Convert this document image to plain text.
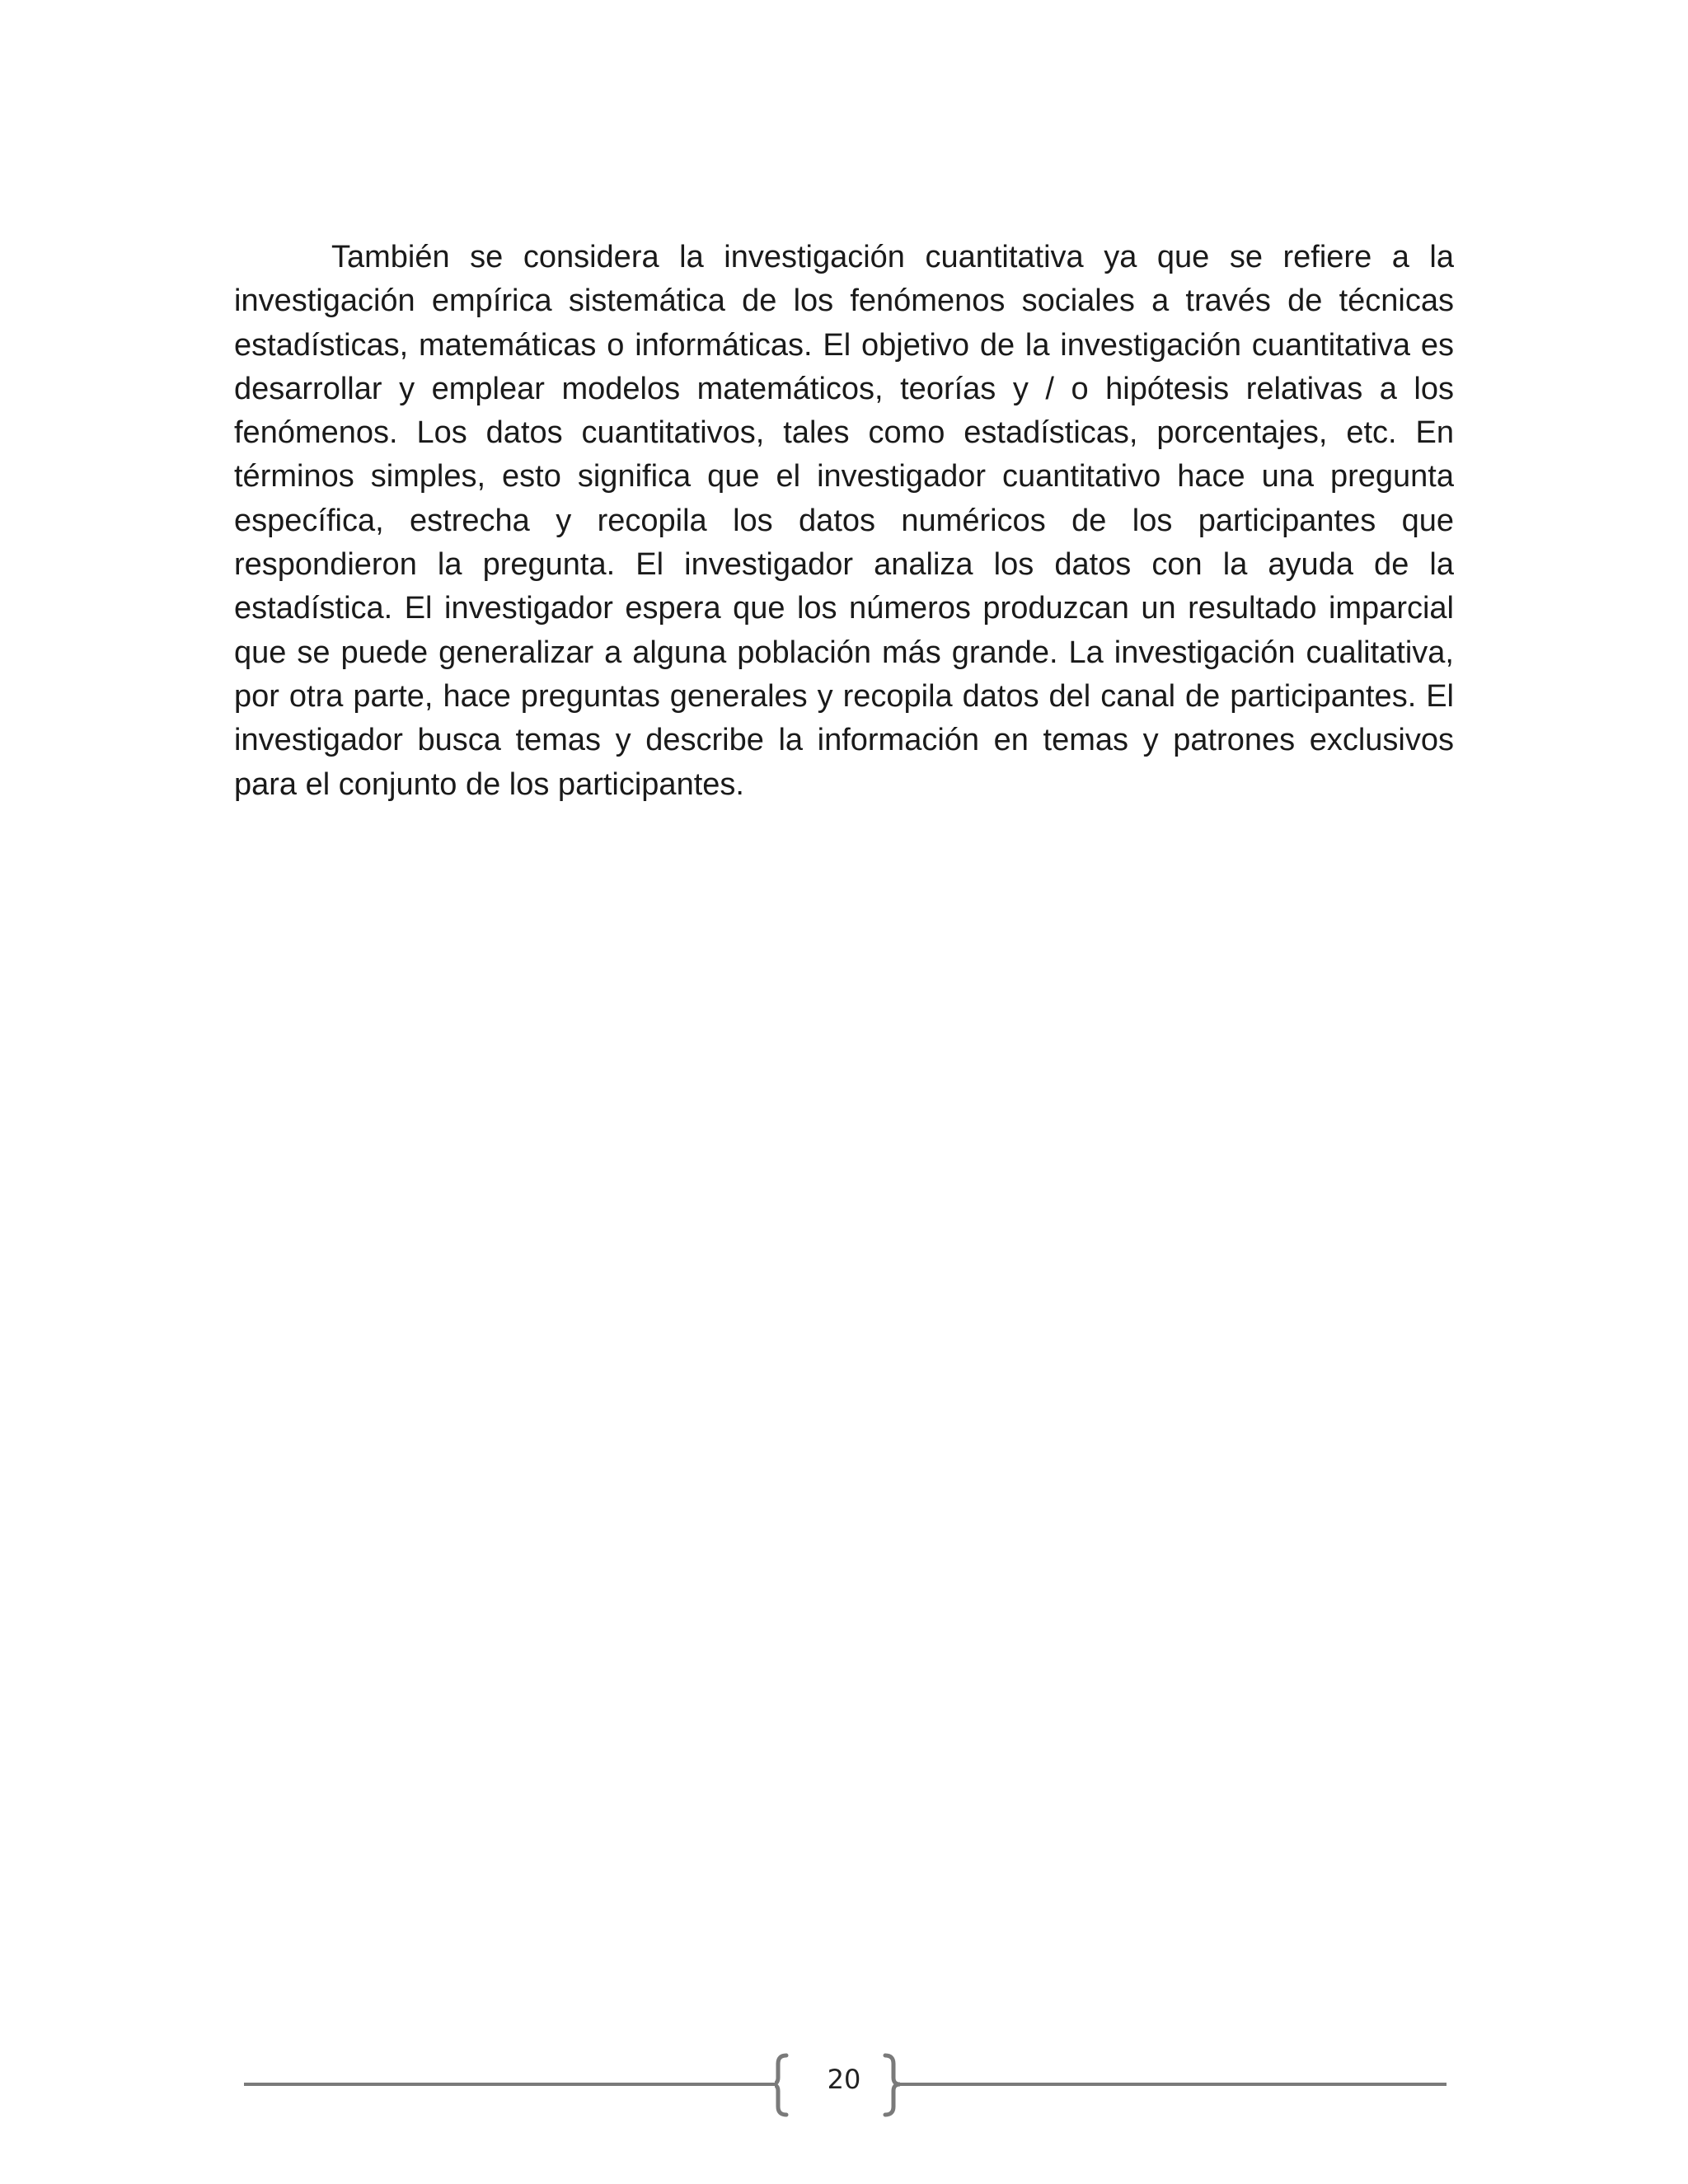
También se considera la investigación cuantitativa ya que se refiere a la investigación empírica sistemática de los fenómenos sociales a través de técnicas estadísticas, matemáticas o informáticas. El objetivo de la investigación cuantitativa es desarrollar y emplear modelos matemáticos, teorías y / o hipótesis relativas a los fenómenos. Los datos cuantitativos, tales como estadísticas, porcentajes, etc. En términos simples, esto significa que el investigador cuantitativo hace una pregunta específica, estrecha y recopila los datos numéricos de los participantes que respondieron la pregunta. El investigador analiza los datos con la ayuda de la estadística. El investigador espera que los números produzcan un resultado imparcial que se puede generalizar a alguna población más grande. La investigación cualitativa, por otra parte, hace preguntas generales y recopila datos del canal de participantes. El investigador busca temas y describe la información en temas y patrones exclusivos para el conjunto de los participantes.

20
